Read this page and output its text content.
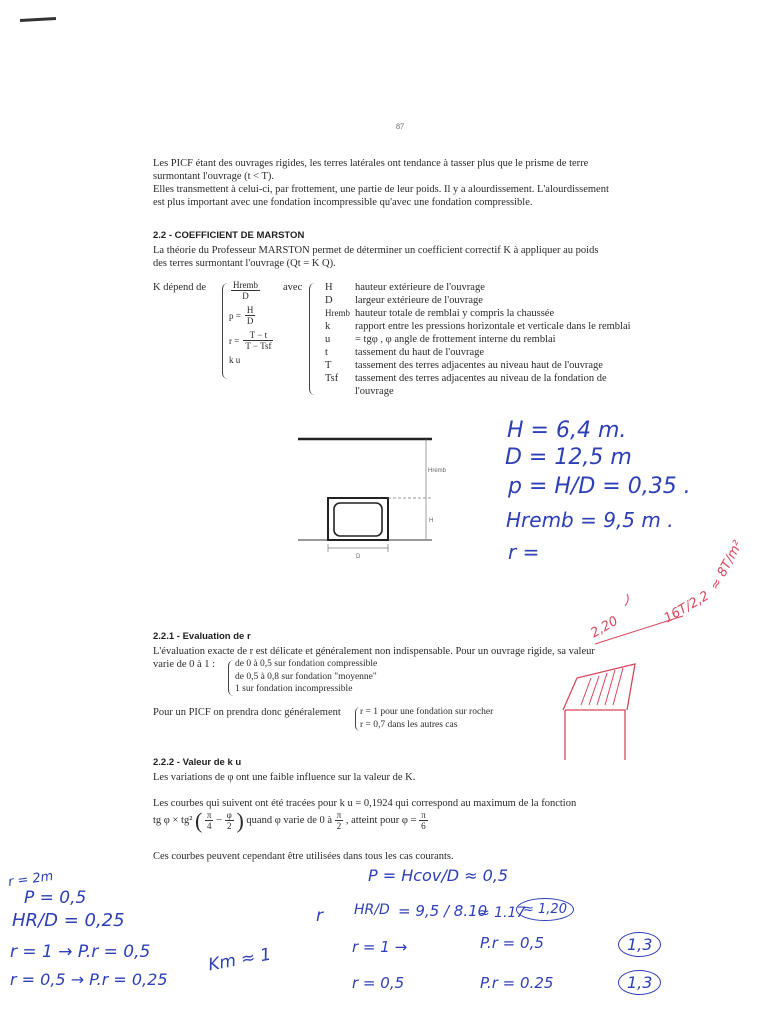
87
Les PICF étant des ouvrages rigides, les terres latérales ont tendance à tasser plus que le prisme de terre
surmontant l'ouvrage (t < T).
Elles transmettent à celui-ci, par frottement, une partie de leur poids. Il y a alourdissement. L'alourdissement
est plus important avec une fondation incompressible qu'avec une fondation compressible.
2.2 - COEFFICIENT DE MARSTON
La théorie du Professeur MARSTON permet de déterminer un coefficient correctif K à appliquer au poids
des terres surmontant l'ouvrage (Qt = K Q).
K dépend de	$\frac{\text{Hremb}}{D}$
$p = \frac{H}{D}$
$r = \frac{T - t}{\text{T − Tsf}}$
k u
avec H	hauteur extérieure de l'ouvrage
D	largeur extérieure de l'ouvrage
Hremb hauteur totale de remblai y compris la chaussée
k	rapport entre les pressions horizontale et verticale dans le remblai
u	= tgφ , φ angle de frottement interne du remblai
t	tassement du haut de l'ouvrage
T	tassement des terres adjacentes au niveau haut de l'ouvrage
Tsf	tassement des terres adjacentes au niveau de la fondation de
l'ouvrage
Hremb
H
D
H = 6,4 m.
D = 12,5 m
p = H/D = 0,35 .
Hremb = 9,5 m .
r =
2.2.1 - Evaluation de r
L'évaluation exacte de r est délicate et généralement non indispensable. Pour un ouvrage rigide, sa valeur
varie de 0 à 1 :	de 0 à 0,5 sur fondation compressible
de 0,5 à 0,8 sur fondation "moyenne"
1 sur fondation incompressible
Pour un PICF on prendra donc généralement r = 1 pour une fondation sur rocher
r = 0,7 dans les autres cas
2,20
16T/2,2
≈ 8T/m²
2.2.2 - Valeur de k u
Les variations de φ ont une faible influence sur la valeur de K.
Les courbes qui suivent ont été tracées pour k u = 0,1924 qui correspond au maximum de la fonction
tg φ × tg² ( $\frac{\pi}{4} - \frac{\varphi}{2}$ ) quand φ varie de 0 à $\frac{\pi}{2}$ , atteint pour $\varphi = \frac{\pi}{6}$
Ces courbes peuvent cependant être utilisées dans tous les cas courants.
r = 2m
P = 0,5
HR/D = 0,25
r = 1 → P.r = 0,5
r = 0,5 → P.r = 0,25
Km ≈ 1
P = Hcov/D ≈ 0,5
r HR/D = 9,5 / 8.10
≈ 1.17
≈ 1,20
r = 1 →	P.r = 0,5	1,3
r = 0,5	P.r = 0.25	1,3
